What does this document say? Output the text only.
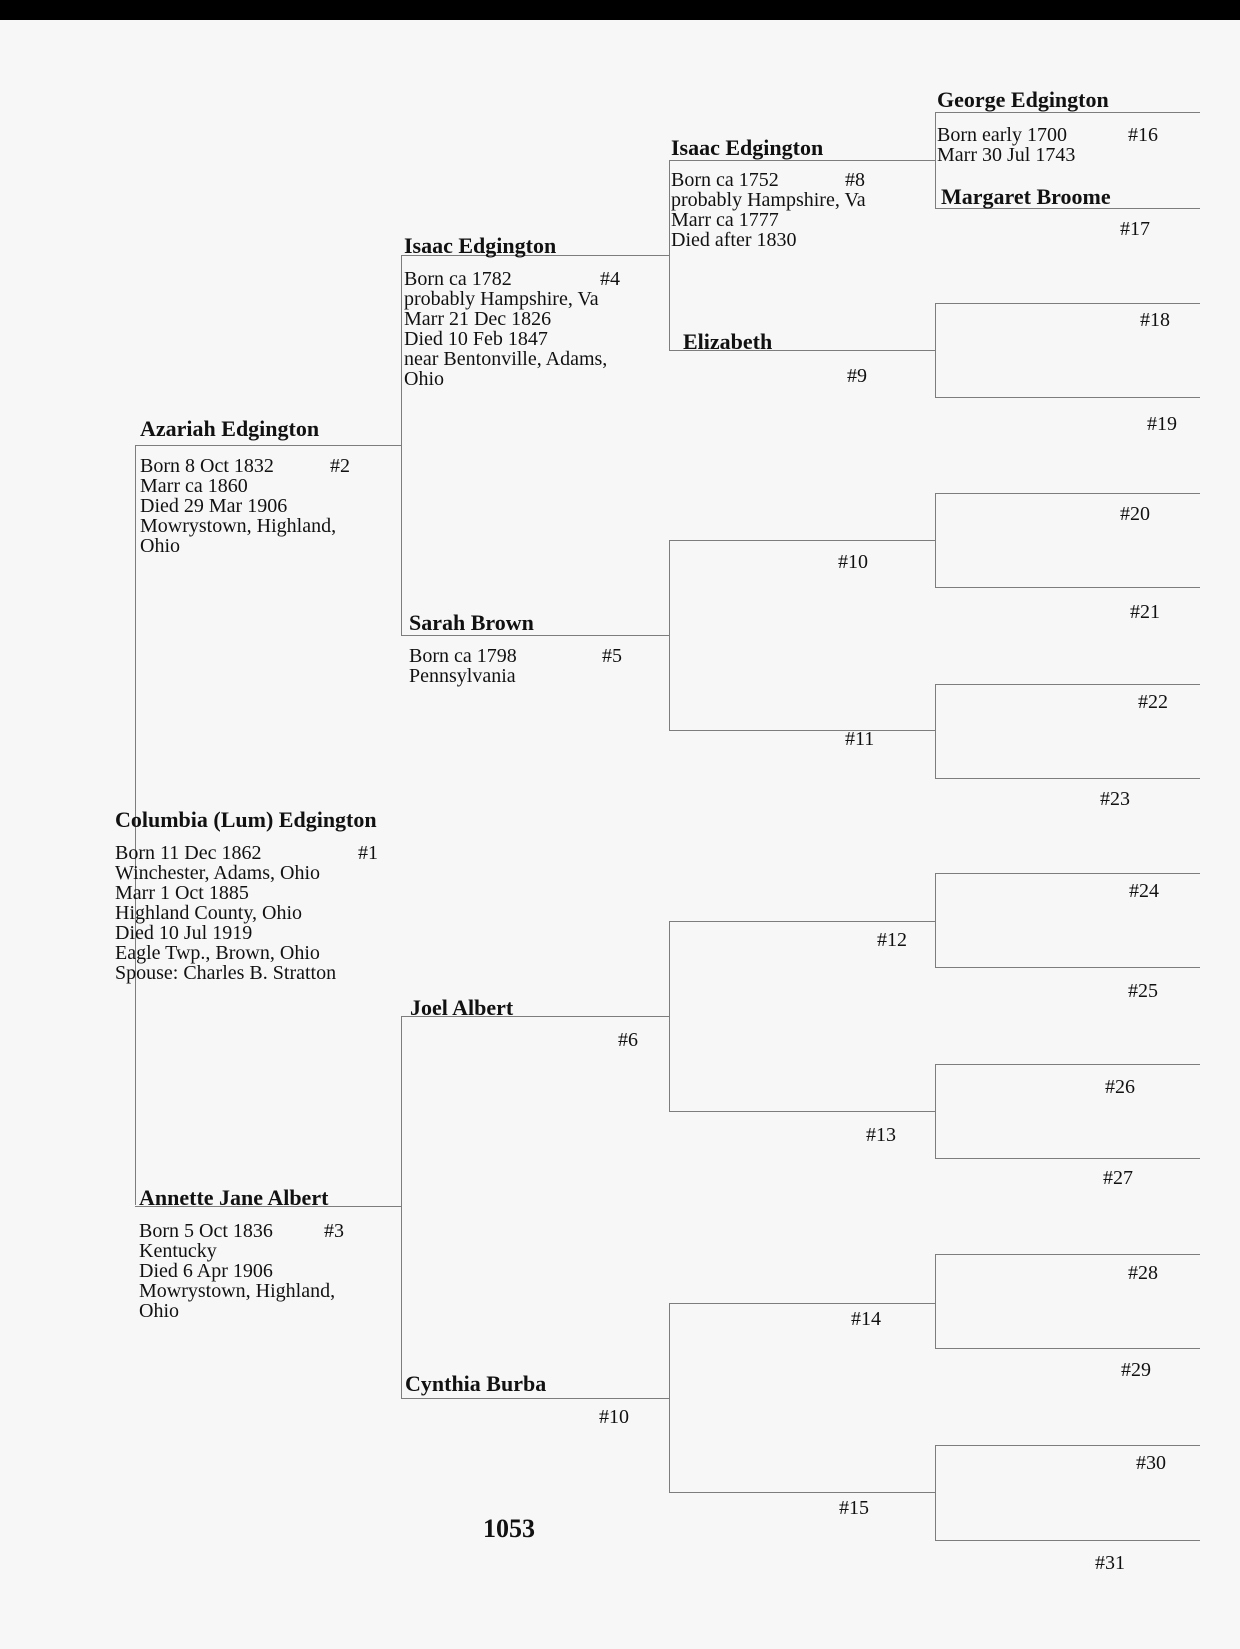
Columbia (Lum) Edgington
#1
Born 11 Dec 1862
Winchester, Adams, Ohio
Marr 1 Oct 1885
Highland County, Ohio
Died 10 Jul 1919
Eagle Twp., Brown, Ohio
Spouse: Charles B. Stratton
Azariah Edgington
#2
Born 8 Oct 1832
Marr ca 1860
Died 29 Mar 1906
Mowrystown, Highland,
Ohio
Annette Jane Albert
#3
Born 5 Oct 1836
Kentucky
Died 6 Apr 1906
Mowrystown, Highland,
Ohio
Isaac Edgington
#4
Born ca 1782
probably Hampshire, Va
Marr 21 Dec 1826
Died 10 Feb 1847
near Bentonville, Adams,
Ohio
Sarah Brown
#5
Born ca 1798
Pennsylvania
Joel Albert
#6
Cynthia Burba
#10
Isaac Edgington
#8
Born ca 1752
probably Hampshire, Va
Marr ca 1777
Died after 1830
Elizabeth
#9
#10
#11
#12
#13
#14
#15
George Edgington
#16
Born early 1700
Marr 30 Jul 1743
Margaret Broome
#17
#18
#19
#20
#21
#22
#23
#24
#25
#26
#27
#28
#29
#30
#31
1053
